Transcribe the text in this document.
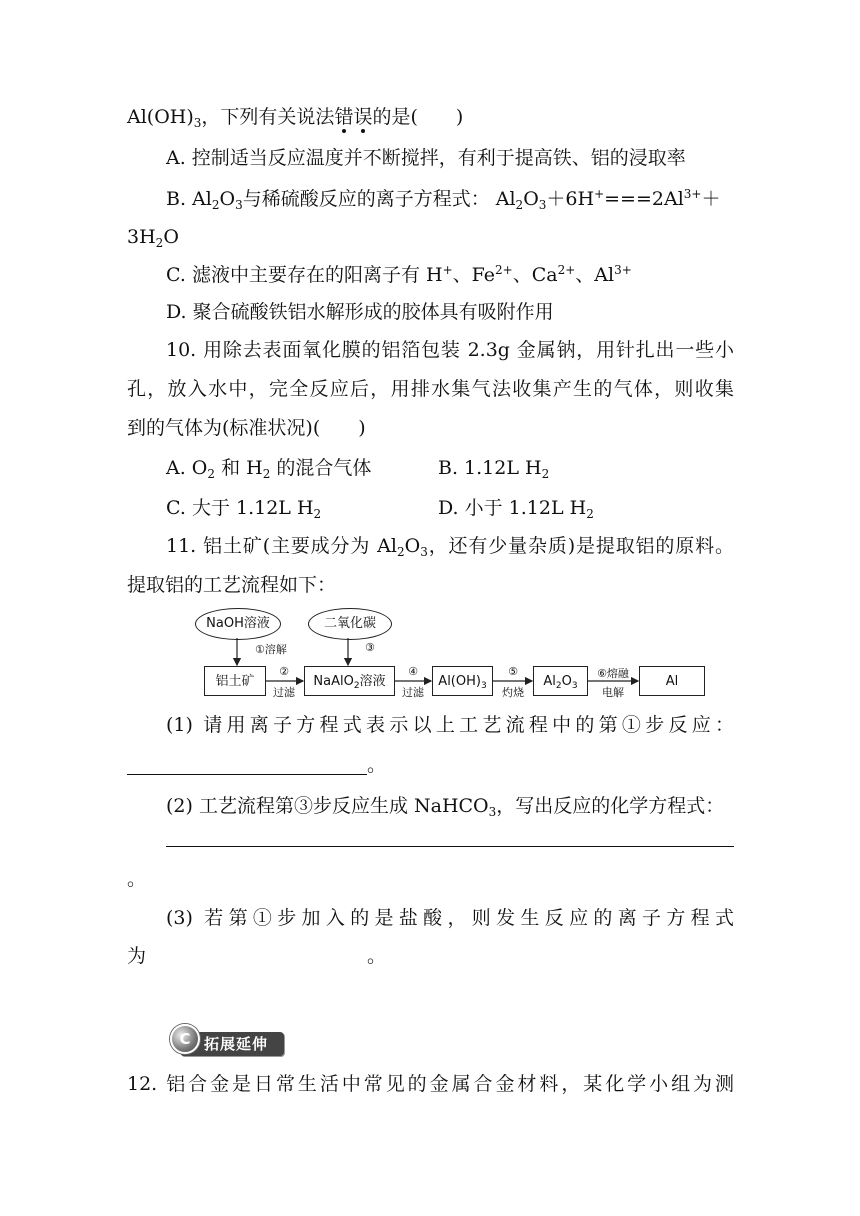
$Al(OH)_3$，下列有关说法错误的是(　　)
A. 控制适当反应温度并不断搅拌，有利于提高铁、铝的浸取率
B. $Al_2O_3$与稀硫酸反应的离子方程式： $Al_2O_3+6H^+===2Al^{3+}+$
$3H_2O$
C. 滤液中主要存在的阳离子有 H+、$Fe^{2+}$、$Ca^{2+}$、$Al^{3+}$
D. 聚合硫酸铁铝水解形成的胶体具有吸附作用
10. 用除去表面氧化膜的铝箔包装 2.3g 金属钠，用针扎出一些小
孔，放入水中，完全反应后，用排水集气法收集产生的气体，则收集
到的气体为(标准状况)(　　)
A. $O_2$ 和 $H_2$ 的混合气体	B. 1.12L $H_2$
C. 大于 1.12L $H_2$	D. 小于 1.12L $H_2$
11. 铝土矿(主要成分为 $Al_2O_3$，还有少量杂质)是提取铝的原料。
提取铝的工艺流程如下：
NaOH溶液	二氧化碳
铝土矿	NaAlO$_2$溶液	$Al(OH)_3$	$Al_2O_3$	Al
①溶解	③
②
过滤
④
过滤
⑤
灼烧
⑥熔融
电解
(1) 请用离子方程式表示以上工艺流程中的第①步反应：
。
(2) 工艺流程第③步反应生成 NaHCO$_3$，写出反应的化学方程式：
。
(3) 若第①步加入的是盐酸，则发生反应的离子方程式
为	。
拓展延伸
C
12. 铝合金是日常生活中常见的金属合金材料，某化学小组为测
